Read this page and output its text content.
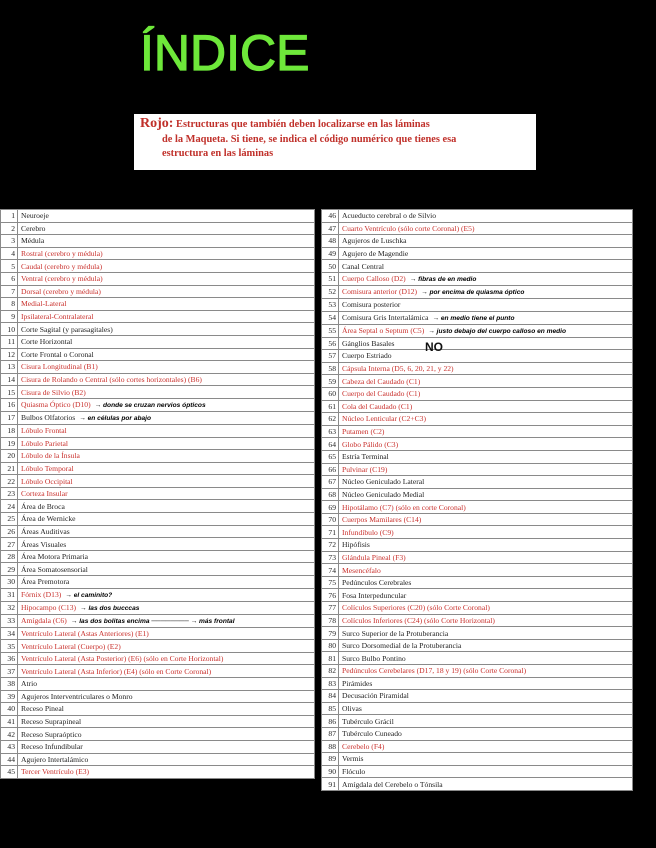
ÍNDICE
Rojo: Estructuras que también deben localizarse en las láminas
de la Maqueta. Si tiene, se indica el código numérico que tienes esa
estructura en las láminas
1	Neuroeje
2	Cerebro
3	Médula
4	Rostral (cerebro y médula)
5	Caudal (cerebro y médula)
6	Ventral (cerebro y médula)
7	Dorsal (cerebro y médula)
8	Medial-Lateral
9	Ipsilateral-Contralateral
10	Corte Sagital (y parasagitales)
11	Corte Horizontal
12	Corte Frontal o Coronal
13	Cisura Longitudinal (B1)
14	Cisura de Rolando o Central (sólo cortes horizontales) (B6)
15	Cisura de Silvio (B2)
16	Quiasma Óptico (D10) → donde se cruzan nervios ópticos
17	Bulbos Olfatorios → en células por abajo
18	Lóbulo Frontal
19	Lóbulo Parietal
20	Lóbulo de la Ínsula
21	Lóbulo Temporal
22	Lóbulo Occipital
23	Corteza Insular
24	Área de Broca
25	Área de Wernicke
26	Áreas Auditivas
27	Áreas Visuales
28	Área Motora Primaria
29	Área Somatosensorial
30	Área Premotora
31	Fórnix (D13) → el caminito?
32	Hipocampo (C13) → las dos bucccas
33	Amígdala (C6) → las dos bolitas encima ──────── → más frontal
34	Ventrículo Lateral (Astas Anteriores) (E1)
35	Ventrículo Lateral (Cuerpo) (E2)
36	Ventrículo Lateral (Asta Posterior) (E6) (sólo en Corte Horizontal)
37	Ventrículo Lateral (Asta Inferior) (E4) (sólo en Corte Coronal)
38	Atrio
39	Agujeros Interventriculares o Monro
40	Receso Pineal
41	Receso Suprapineal
42	Receso Supraóptico
43	Receso Infundibular
44	Agujero Intertalámico
45	Tercer Ventrículo (E3)
46	Acueducto cerebral o de Silvio
47	Cuarto Ventrículo (sólo corte Coronal) (E5)
48	Agujeros de Luschka
49	Agujero de Magendie
50	Canal Central
51	Cuerpo Calloso (D2) → fibras de en medio
52	Comisura anterior (D12) → por encima de quiasma óptico
53	Comisura posterior
54	Comisura Gris Intertalámica → en medio tiene el punto
55	Área Septal o Septum (C5) → justo debajo del cuerpo calloso en medio
56	Gánglios Basales
57	Cuerpo Estriado
58	Cápsula Interna (D5, 6, 20, 21, y 22)
59	Cabeza del Caudado (C1)
60	Cuerpo del Caudado (C1)
61	Cola del Caudado (C1)
62	Núcleo Lenticular (C2+C3)
63	Putamen (C2)
64	Globo Pálido (C3)
65	Estría Terminal
66	Pulvinar (C19)
67	Núcleo Geniculado Lateral
68	Núcleo Geniculado Medial
69	Hipotálamo (C7) (sólo en corte Coronal)
70	Cuerpos Mamilares (C14)
71	Infundíbulo (C9)
72	Hipófisis
73	Glándula Pineal (F3)
74	Mesencéfalo
75	Pedúnculos Cerebrales
76	Fosa Interpeduncular
77	Colículos Superiores (C20) (sólo Corte Coronal)
78	Colículos Inferiores (C24) (sólo Corte Horizontal)
79	Surco Superior de la Protuberancia
80	Surco Dorsomedial de la Protuberancia
81	Surco Bulbo Pontino
82	Pedúnculos Cerebelares (D17, 18 y 19) (sólo Corte Coronal)
83	Pirámides
84	Decusación Piramidal
85	Olivas
86	Tubérculo Grácil
87	Tubérculo Cuneado
88	Cerebelo (F4)
89	Vermis
90	Flóculo
91	Amígdala del Cerebelo o Tónsila
NO
